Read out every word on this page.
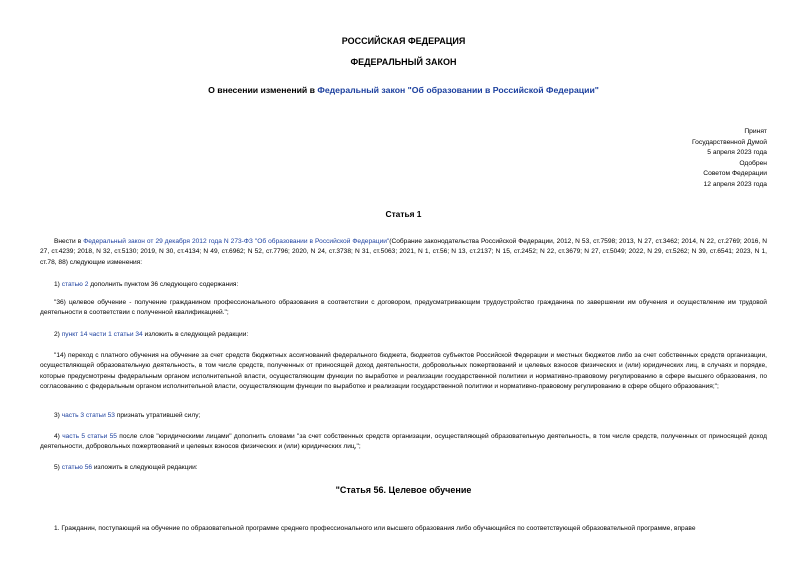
РОССИЙСКАЯ ФЕДЕРАЦИЯ
ФЕДЕРАЛЬНЫЙ ЗАКОН
О внесении изменений в Федеральный закон "Об образовании в Российской Федерации"
Принят
Государственной Думой
5 апреля 2023 года
Одобрен
Советом Федерации
12 апреля 2023 года
Статья 1
Внести в Федеральный закон от 29 декабря 2012 года N 273-ФЗ "Об образовании в Российской Федерации"(Собрание законодательства Российской Федерации, 2012, N 53, ст.7598; 2013, N 27, ст.3462; 2014, N 22, ст.2769; 2016, N 27, ст.4239; 2018, N 32, ст.5130; 2019, N 30, ст.4134; N 49, ст.6962; N 52, ст.7796; 2020, N 24, ст.3738; N 31, ст.5063; 2021, N 1, ст.56; N 13, ст.2137; N 15, ст.2452; N 22, ст.3679; N 27, ст.5049; 2022, N 29, ст.5262; N 39, ст.6541; 2023, N 1, ст.78, 88) следующие изменения:
1) статью 2 дополнить пунктом 36 следующего содержания:
"36) целевое обучение - получение гражданином профессионального образования в соответствии с договором, предусматривающим трудоустройство гражданина по завершении им обучения и осуществление им трудовой деятельности в соответствии с полученной квалификацией.";
2) пункт 14 части 1 статьи 34 изложить в следующей редакции:
"14) переход с платного обучения на обучение за счет средств бюджетных ассигнований федерального бюджета, бюджетов субъектов Российской Федерации и местных бюджетов либо за счет собственных средств организации, осуществляющей образовательную деятельность, в том числе средств, полученных от приносящей доход деятельности, добровольных пожертвований и целевых взносов физических и (или) юридических лиц, в случаях и порядке, которые предусмотрены федеральным органом исполнительной власти, осуществляющим функции по выработке и реализации государственной политики и нормативно-правовому регулированию в сфере высшего образования, по согласованию с федеральным органом исполнительной власти, осуществляющим функции по выработке и реализации государственной политики и нормативно-правовому регулированию в сфере общего образования;";
3) часть 3 статьи 53 признать утратившей силу;
4) часть 5 статьи 55 после слов "юридическими лицами" дополнить словами "за счет собственных средств организации, осуществляющей образовательную деятельность, в том числе средств, полученных от приносящей доход деятельности, добровольных пожертвований и целевых взносов физических и (или) юридических лиц,";
5) статью 56 изложить в следующей редакции:
"Статья 56. Целевое обучение
1. Гражданин, поступающий на обучение по образовательной программе среднего профессионального или высшего образования либо обучающийся по соответствующей образовательной программе, вправе
